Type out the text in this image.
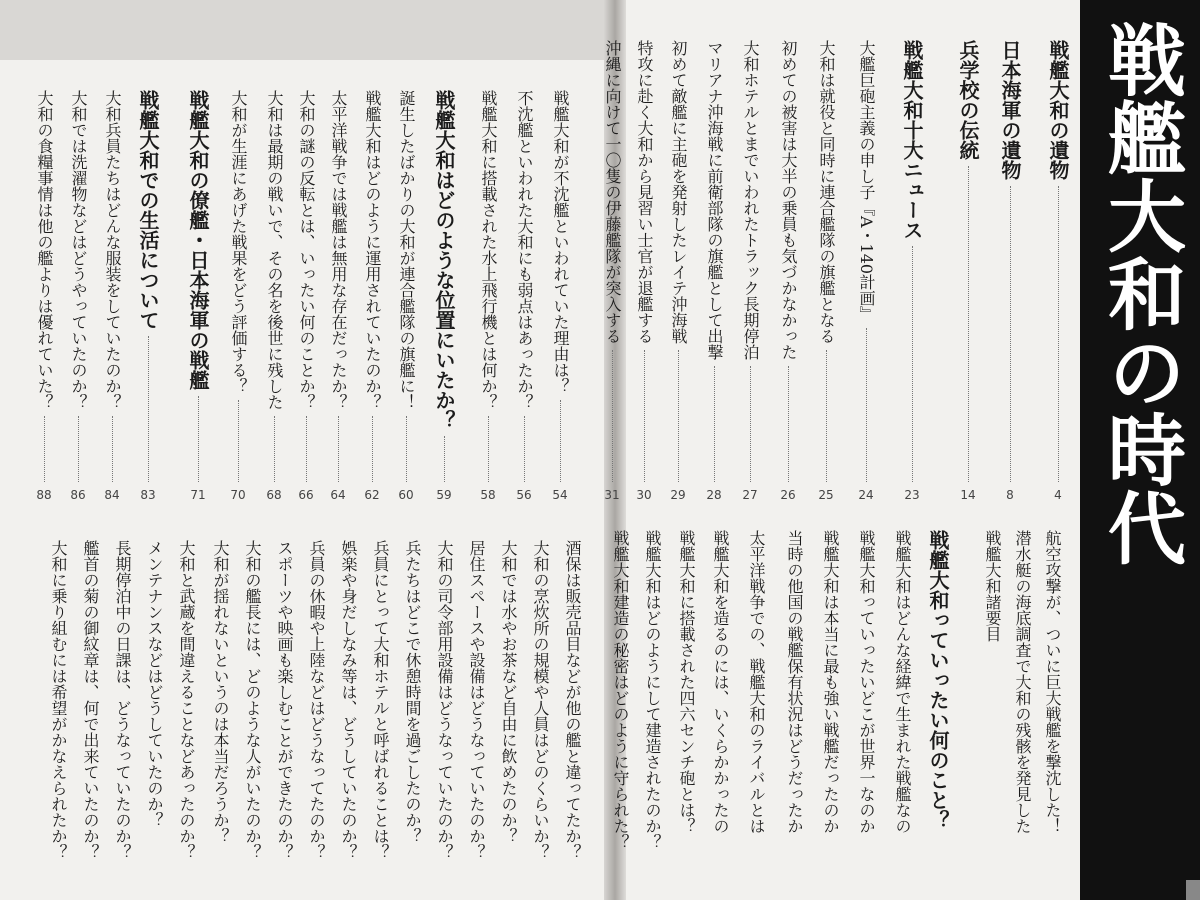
戦艦大和の時代
戦艦大和の遺物
4
日本海軍の遺物
8
兵学校の伝統
14
戦艦大和十大ニュース
23
大艦巨砲主義の申し子『A・140計画』
24
大和は就役と同時に連合艦隊の旗艦となる
25
初めての被害は大半の乗員も気づかなかった
26
大和ホテルとまでいわれたトラック長期停泊
27
マリアナ沖海戦に前衛部隊の旗艦として出撃
28
初めて敵艦に主砲を発射したレイテ沖海戦
29
特攻に赴く大和から見習い士官が退艦する
30
沖縄に向けて一〇隻の伊藤艦隊が突入する
31
戦艦大和が不沈艦といわれていた理由は？
54
不沈艦といわれた大和にも弱点はあったか？
56
戦艦大和に搭載された水上飛行機とは何か？
58
戦艦大和はどのような位置にいたか？
59
誕生したばかりの大和が連合艦隊の旗艦に！
60
戦艦大和はどのように運用されていたのか？
62
太平洋戦争では戦艦は無用な存在だったか？
64
大和の謎の反転とは、いったい何のことか？
66
大和は最期の戦いで、その名を後世に残した
68
大和が生涯にあげた戦果をどう評価する？
70
戦艦大和の僚艦・日本海軍の戦艦
71
戦艦大和での生活について
83
大和兵員たちはどんな服装をしていたのか？
84
大和では洗濯物などはどうやっていたのか？
86
大和の食糧事情は他の艦よりは優れていた？
88
航空攻撃が、ついに巨大戦艦を撃沈した！
潜水艇の海底調査で大和の残骸を発見した
戦艦大和諸要目
戦艦大和っていったい何のこと？
戦艦大和はどんな経緯で生まれた戦艦なの
戦艦大和っていったいどこが世界一なのか
戦艦大和は本当に最も強い戦艦だったのか
当時の他国の戦艦保有状況はどうだったか
太平洋戦争での、戦艦大和のライバルとは
戦艦大和を造るのには、いくらかかったの
戦艦大和に搭載された四六センチ砲とは？
戦艦大和はどのようにして建造されたのか？
戦艦大和建造の秘密はどのように守られた？
酒保は販売品目などが他の艦と違ってたか？
大和の烹炊所の規模や人員はどのくらいか？
大和では水やお茶など自由に飲めたのか？
居住スペースや設備はどうなっていたのか？
大和の司令部用設備はどうなっていたのか？
兵たちはどこで休憩時間を過ごしたのか？
兵員にとって大和ホテルと呼ばれることは？
娯楽や身だしなみ等は、どうしていたのか？
兵員の休暇や上陸などはどうなってたのか？
スポーツや映画も楽しむことができたのか？
大和の艦長には、どのような人がいたのか？
大和が揺れないというのは本当だろうか？
大和と武蔵を間違えることなどあったのか？
メンテナンスなどはどうしていたのか？
長期停泊中の日課は、どうなっていたのか？
艦首の菊の御紋章は、何で出来ていたのか？
大和に乗り組むには希望がかなえられたか？
